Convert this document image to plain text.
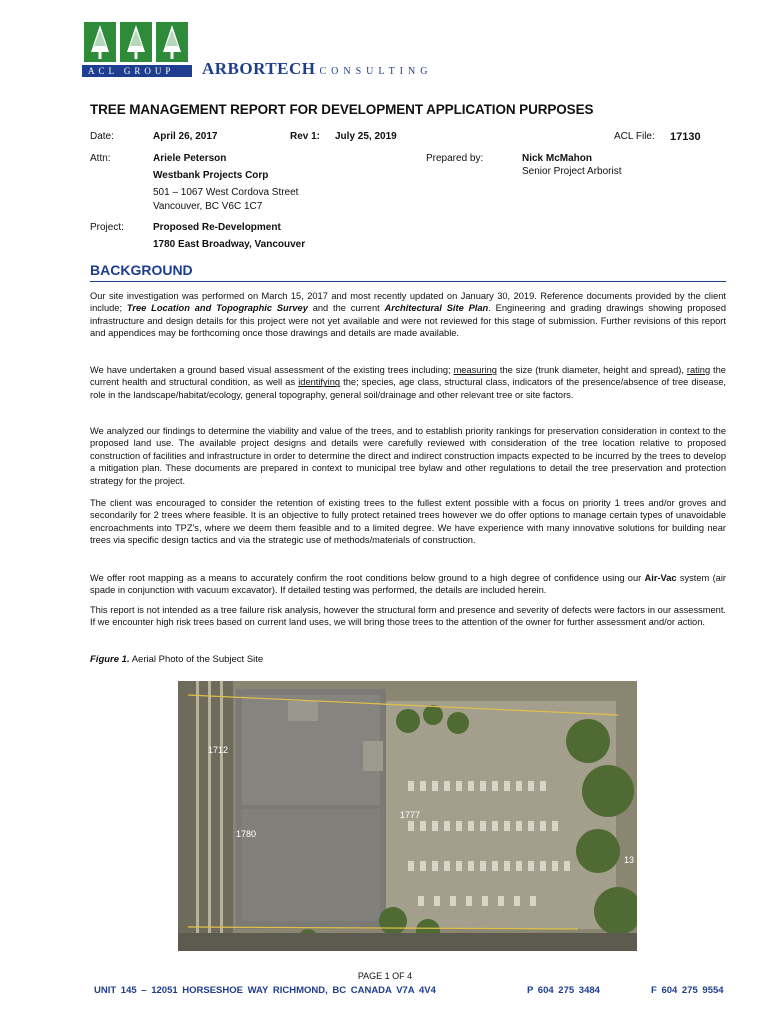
ACL GROUP	ARBORTECH CONSULTING
TREE MANAGEMENT REPORT FOR DEVELOPMENT APPLICATION PURPOSES
Date:	April 26, 2017	Rev 1: July 25, 2019	ACL File: 17130
Attn:	Ariele Peterson
Westbank Projects Corp
501 – 1067 West Cordova Street
Vancouver, BC V6C 1C7
Prepared by:	Nick McMahon
Senior Project Arborist
Project:	Proposed Re-Development
1780 East Broadway, Vancouver
BACKGROUND
Our site investigation was performed on March 15, 2017 and most recently updated on January 30, 2019. Reference documents provided by the client include; Tree Location and Topographic Survey and the current Architectural Site Plan. Engineering and grading drawings showing proposed infrastructure and design details for this project were not yet available and were not reviewed for this stage of submission. Further revisions of this report and appendices may be forthcoming once those drawings and details are made available.
We have undertaken a ground based visual assessment of the existing trees including; measuring the size (trunk diameter, height and spread), rating the current health and structural condition, as well as identifying the; species, age class, structural class, indicators of the presence/absence of tree disease, role in the landscape/habitat/ecology, general topography, general soil/drainage and other relevant tree or site factors.
We analyzed our findings to determine the viability and value of the trees, and to establish priority rankings for preservation consideration in context to the proposed land use. The available project designs and details were carefully reviewed with consideration of the tree location relative to proposed construction of facilities and infrastructure in order to determine the direct and indirect construction impacts expected to be incurred by the trees to develop a mitigation plan. These documents are prepared in context to municipal tree bylaw and other regulations to detail the tree preservation and protection strategy for the project.
The client was encouraged to consider the retention of existing trees to the fullest extent possible with a focus on priority 1 trees and/or groves and secondarily for 2 trees where feasible. It is an objective to fully protect retained trees however we do offer options to manage certain types of unavoidable encroachments into TPZ's, where we deem them feasible and to a limited degree. We have experience with many innovative solutions for building near trees via specific design tactics and via the strategic use of methods/materials of construction.
We offer root mapping as a means to accurately confirm the root conditions below ground to a high degree of confidence using our Air-Vac system (air spade in conjunction with vacuum excavator). If detailed testing was performed, the details are included herein.
This report is not intended as a tree failure risk analysis, however the structural form and presence and severity of defects were factors in our assessment. If we encounter high risk trees based on current land uses, we will bring those trees to the attention of the owner for further assessment and/or action.
Figure 1. Aerial Photo of the Subject Site
1712
1780
1777
13
PAGE 1 OF 4
UNIT 145 – 12051 HORSESHOE WAY RICHMOND, BC CANADA V7A 4V4	P 604 275 3484	F 604 275 9554
